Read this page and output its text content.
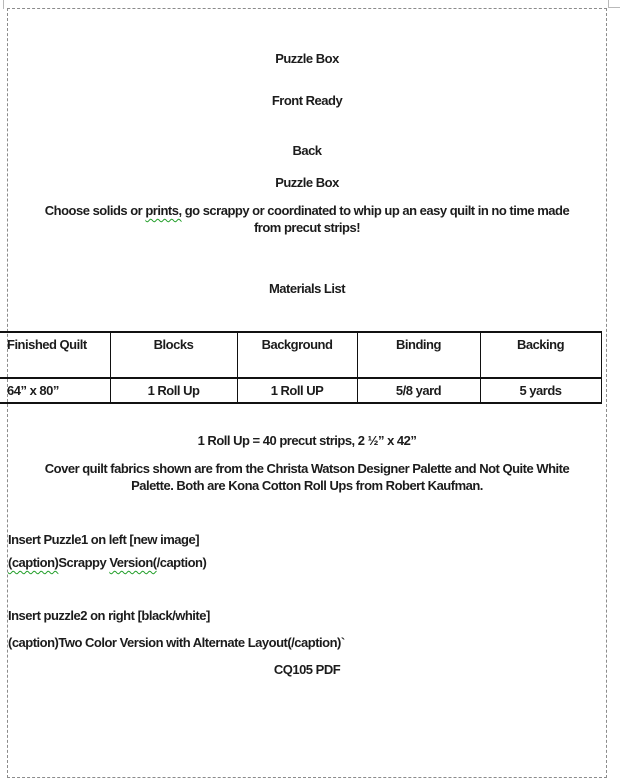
Puzzle Box

Front Ready

Back

Puzzle Box

Choose solids or prints, go scrappy or coordinated to whip up an easy quilt in no time made
from precut strips!

Materials List

Finished Quilt	Blocks	Background	Binding	Backing
64” x 80”	1 Roll Up	1 Roll UP	5/8 yard	5 yards

1 Roll Up = 40 precut strips, 2 ½” x 42”

Cover quilt fabrics shown are from the Christa Watson Designer Palette and Not Quite White
Palette. Both are Kona Cotton Roll Ups from Robert Kaufman.

Insert Puzzle1 on left [new image]

(caption)Scrappy Version(/caption)

Insert puzzle2 on right [black/white]

(caption)Two Color Version with Alternate Layout(/caption)`

CQ105 PDF
